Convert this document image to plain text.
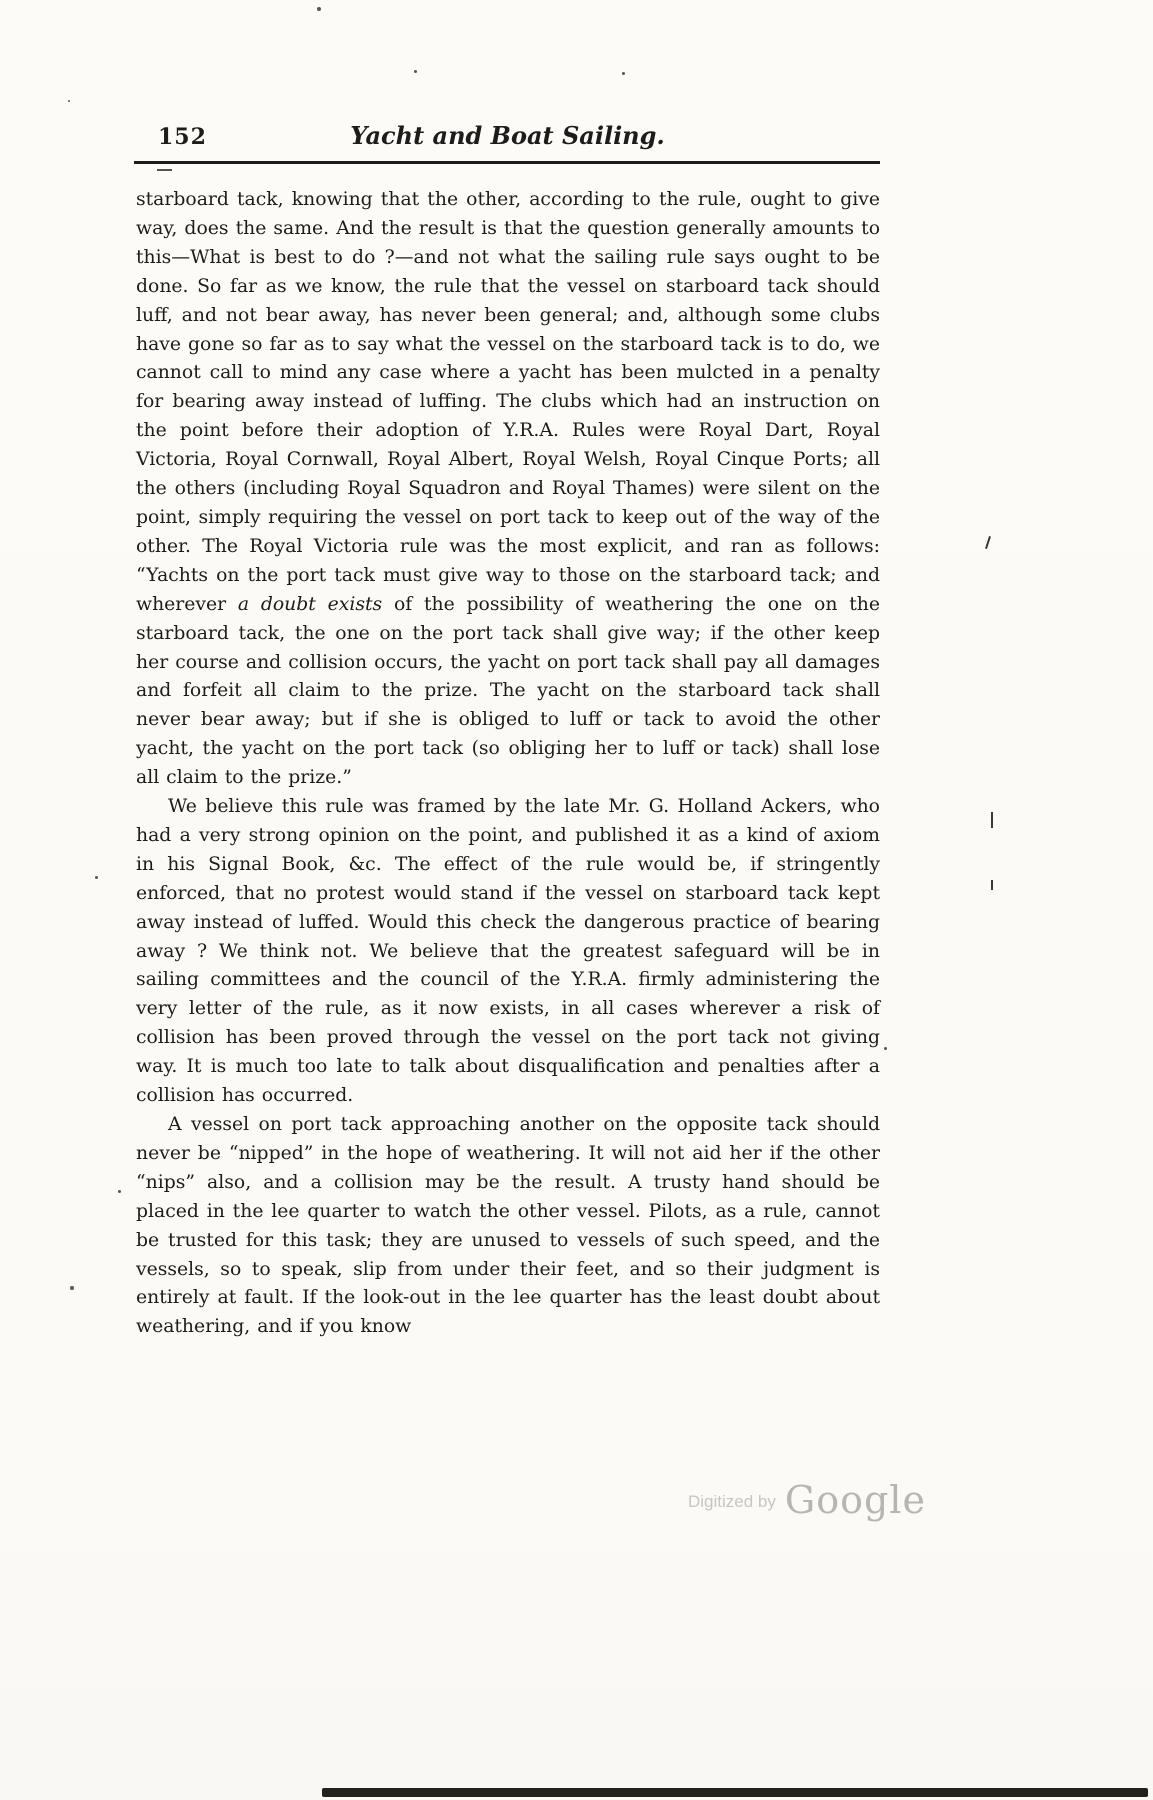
152	Yacht and Boat Sailing.

starboard tack, knowing that the other, according to the rule, ought to give way, does the same. And the result is that the question generally amounts to this—What is best to do ?—and not what the sailing rule says ought to be done. So far as we know, the rule that the vessel on starboard tack should luff, and not bear away, has never been general; and, although some clubs have gone so far as to say what the vessel on the starboard tack is to do, we cannot call to mind any case where a yacht has been mulcted in a penalty for bearing away instead of luffing. The clubs which had an instruction on the point before their adoption of Y.R.A. Rules were Royal Dart, Royal Victoria, Royal Cornwall, Royal Albert, Royal Welsh, Royal Cinque Ports; all the others (including Royal Squadron and Royal Thames) were silent on the point, simply requiring the vessel on port tack to keep out of the way of the other. The Royal Victoria rule was the most explicit, and ran as follows: “Yachts on the port tack must give way to those on the starboard tack; and wherever a doubt exists of the possibility of weathering the one on the starboard tack, the one on the port tack shall give way; if the other keep her course and collision occurs, the yacht on port tack shall pay all damages and forfeit all claim to the prize. The yacht on the starboard tack shall never bear away; but if she is obliged to luff or tack to avoid the other yacht, the yacht on the port tack (so obliging her to luff or tack) shall lose all claim to the prize.”

We believe this rule was framed by the late Mr. G. Holland Ackers, who had a very strong opinion on the point, and published it as a kind of axiom in his Signal Book, &c. The effect of the rule would be, if stringently enforced, that no protest would stand if the vessel on starboard tack kept away instead of luffed. Would this check the dangerous practice of bearing away ? We think not. We believe that the greatest safeguard will be in sailing committees and the council of the Y.R.A. firmly administering the very letter of the rule, as it now exists, in all cases wherever a risk of collision has been proved through the vessel on the port tack not giving way. It is much too late to talk about disqualification and penalties after a collision has occurred.

A vessel on port tack approaching another on the opposite tack should never be “nipped” in the hope of weathering. It will not aid her if the other “nips” also, and a collision may be the result. A trusty hand should be placed in the lee quarter to watch the other vessel. Pilots, as a rule, cannot be trusted for this task; they are unused to vessels of such speed, and the vessels, so to speak, slip from under their feet, and so their judgment is entirely at fault. If the look-out in the lee quarter has the least doubt about weathering, and if you know

Digitized by Google
